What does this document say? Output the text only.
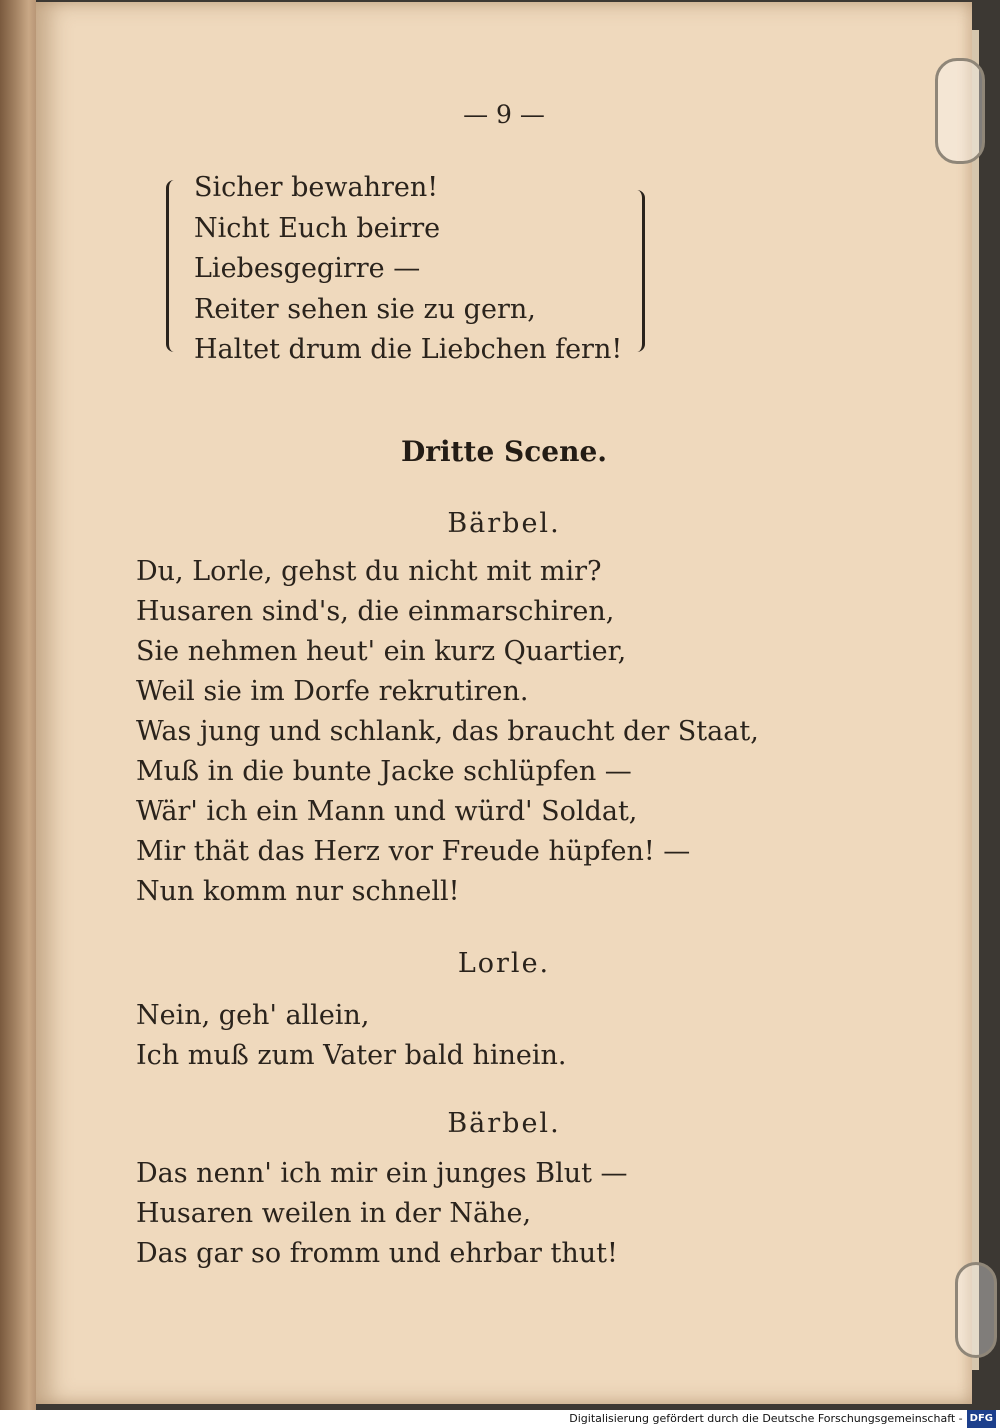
— 9 —
Sicher bewahren!
Nicht Euch beirre
Liebesgegirre —
Reiter sehen sie zu gern,
Haltet drum die Liebchen fern!
Dritte Scene.
Bärbel.
Du, Lorle, gehst du nicht mit mir?
Husaren sind's, die einmarschiren,
Sie nehmen heut' ein kurz Quartier,
Weil sie im Dorfe rekrutiren.
Was jung und schlank, das braucht der Staat,
Muß in die bunte Jacke schlüpfen —
Wär' ich ein Mann und würd' Soldat,
Mir thät das Herz vor Freude hüpfen! —
Nun komm nur schnell!
Lorle.
Nein, geh' allein,
Ich muß zum Vater bald hinein.
Bärbel.
Das nenn' ich mir ein junges Blut —
Husaren weilen in der Nähe,
Das gar so fromm und ehrbar thut!
Digitalisierung gefördert durch die Deutsche Forschungsgemeinschaft - DFG
